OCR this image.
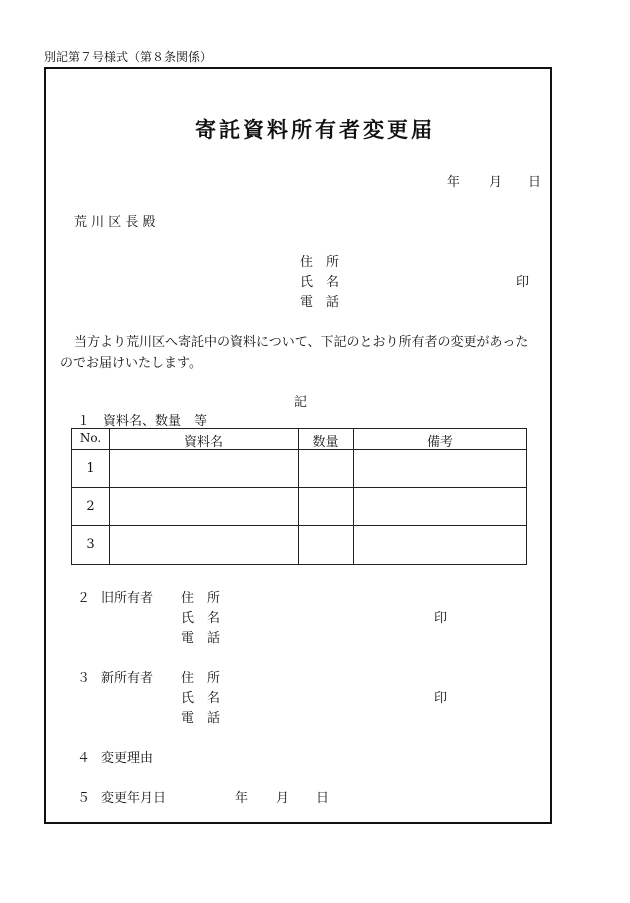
別記第７号様式（第８条関係）
寄託資料所有者変更届
年 月 日
荒 川 区 長 殿
住　所
氏　名	印
電　話
当方より荒川区へ寄託中の資料について、下記のとおり所有者の変更があった
のでお届けいたします。
記
１　資料名、数量　等
No.	資料名	数量	備考
1
2
3
２ 旧所有者 住　所
氏　名	印
電　話
３ 新所有者 住　所
氏　名	印
電　話
４ 変更理由
５ 変更年月日	年 月 日
